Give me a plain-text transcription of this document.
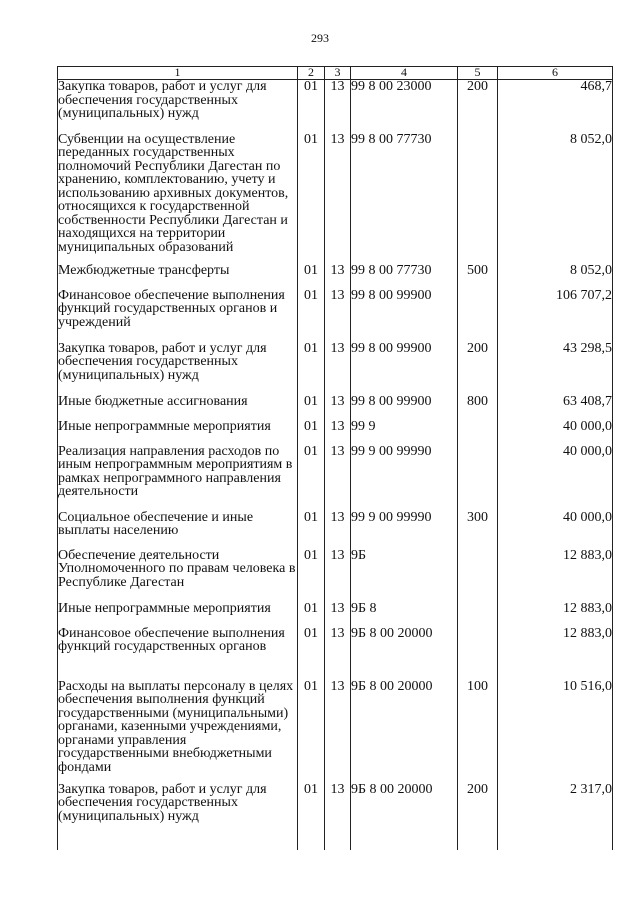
293
1	2	3	4	5	6
Закупка товаров, работ и услуг для обеспечения государственных (муниципальных) нужд	01	13	99 8 00 23000	200	468,7
Субвенции на осуществление переданных государственных полномочий Республики Дагестан по хранению, комплектованию, учету и использованию архивных документов, относящихся к государственной собственности Республики Дагестан и находящихся на территории муниципальных образований	01	13	99 8 00 77730		8 052,0
Межбюджетные трансферты	01	13	99 8 00 77730	500	8 052,0
Финансовое обеспечение выполнения функций государственных органов и учреждений	01	13	99 8 00 99900		106 707,2
Закупка товаров, работ и услуг для обеспечения государственных (муниципальных) нужд	01	13	99 8 00 99900	200	43 298,5
Иные бюджетные ассигнования	01	13	99 8 00 99900	800	63 408,7
Иные непрограммные мероприятия	01	13	99 9		40 000,0
Реализация направления расходов по иным непрограммным мероприятиям в рамках непрограммного направления деятельности	01	13	99 9 00 99990		40 000,0
Социальное обеспечение и иные выплаты населению	01	13	99 9 00 99990	300	40 000,0
Обеспечение деятельности Уполномоченного по правам человека в Республике Дагестан	01	13	9Б		12 883,0
Иные непрограммные мероприятия	01	13	9Б 8		12 883,0
Финансовое обеспечение выполнения функций государственных органов	01	13	9Б 8 00 20000		12 883,0
Расходы на выплаты персоналу в целях обеспечения выполнения функций государственными (муниципальными) органами, казенными учреждениями, органами управления государственными внебюджетными фондами	01	13	9Б 8 00 20000	100	10 516,0
Закупка товаров, работ и услуг для обеспечения государственных (муниципальных) нужд	01	13	9Б 8 00 20000	200	2 317,0
